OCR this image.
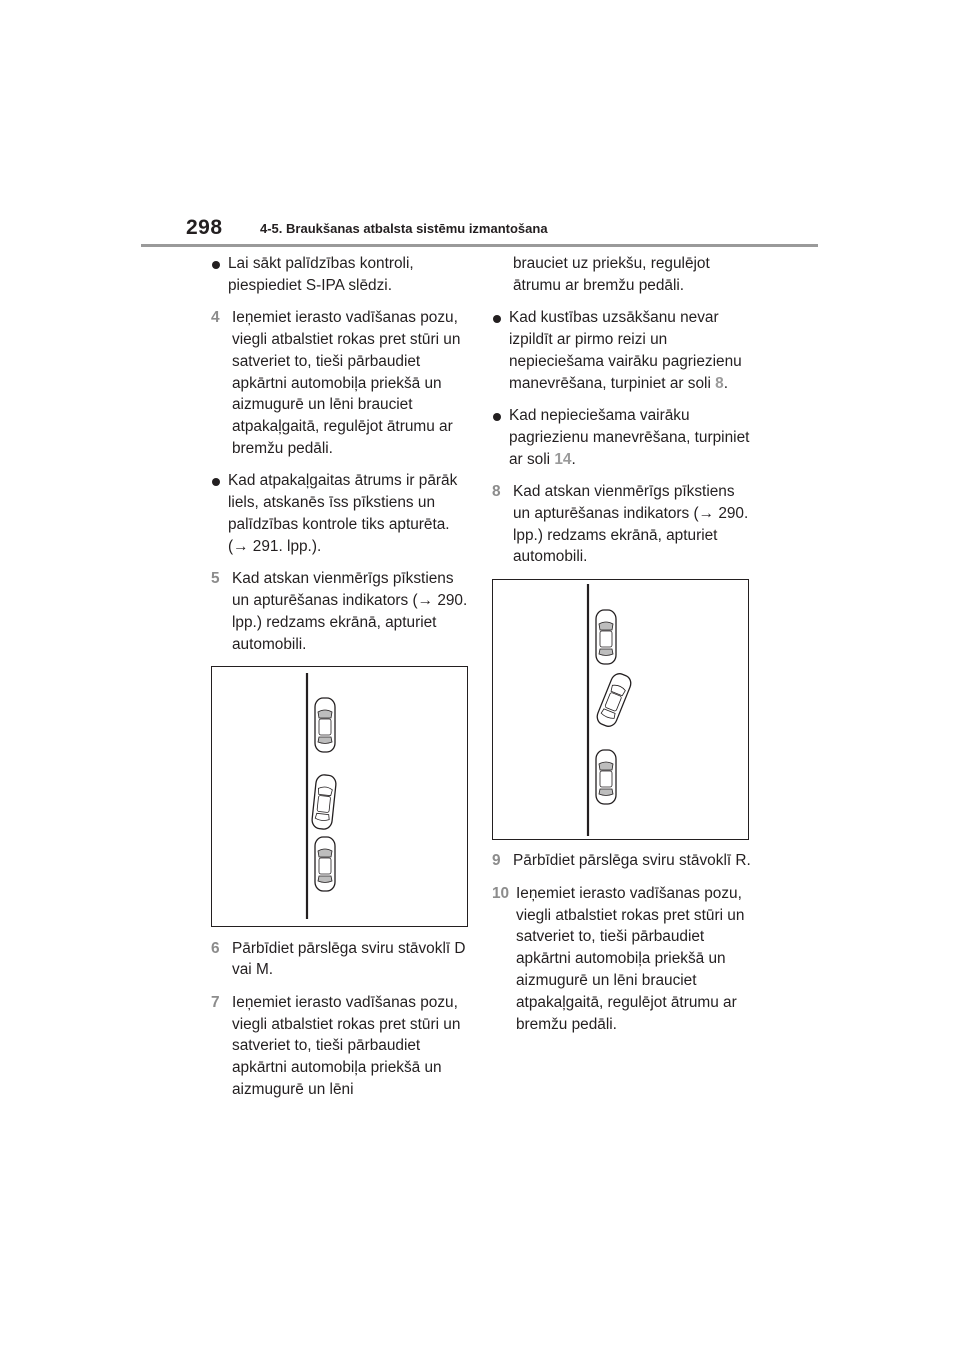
298	4-5. Braukšanas atbalsta sistēmu izmantošana
Lai sākt palīdzības kontroli, piespiediet S-IPA slēdzi.
4 Ieņemiet ierasto vadīšanas pozu, viegli atbalstiet rokas pret stūri un satveriet to, tieši pārbaudiet apkārtni automobiļa priekšā un aizmugurē un lēni brauciet atpakaļgaitā, regulējot ātrumu ar bremžu pedāli.
Kad atpakaļgaitas ātrums ir pārāk liels, atskanēs īss pīkstiens un palīdzības kontrole tiks apturēta. (→ 291. lpp.).
5 Kad atskan vienmērīgs pīkstiens un apturēšanas indikators (→ 290. lpp.) redzams ekrānā, apturiet automobili.
6 Pārbīdiet pārslēga sviru stāvoklī D vai M.
7 Ieņemiet ierasto vadīšanas pozu, viegli atbalstiet rokas pret stūri un satveriet to, tieši pārbaudiet apkārtni automobiļa priekšā un aizmugurē un lēni
brauciet uz priekšu, regulējot ātrumu ar bremžu pedāli.
Kad kustības uzsākšanu nevar izpildīt ar pirmo reizi un nepieciešama vairāku pagriezienu manevrēšana, turpiniet ar soli 8.
Kad nepieciešama vairāku pagriezienu manevrēšana, turpiniet ar soli 14.
8 Kad atskan vienmērīgs pīkstiens un apturēšanas indikators (→ 290. lpp.) redzams ekrānā, apturiet automobili.
9 Pārbīdiet pārslēga sviru stāvoklī R.
10 Ieņemiet ierasto vadīšanas pozu, viegli atbalstiet rokas pret stūri un satveriet to, tieši pārbaudiet apkārtni automobiļa priekšā un aizmugurē un lēni brauciet atpakaļgaitā, regulējot ātrumu ar bremžu pedāli.
